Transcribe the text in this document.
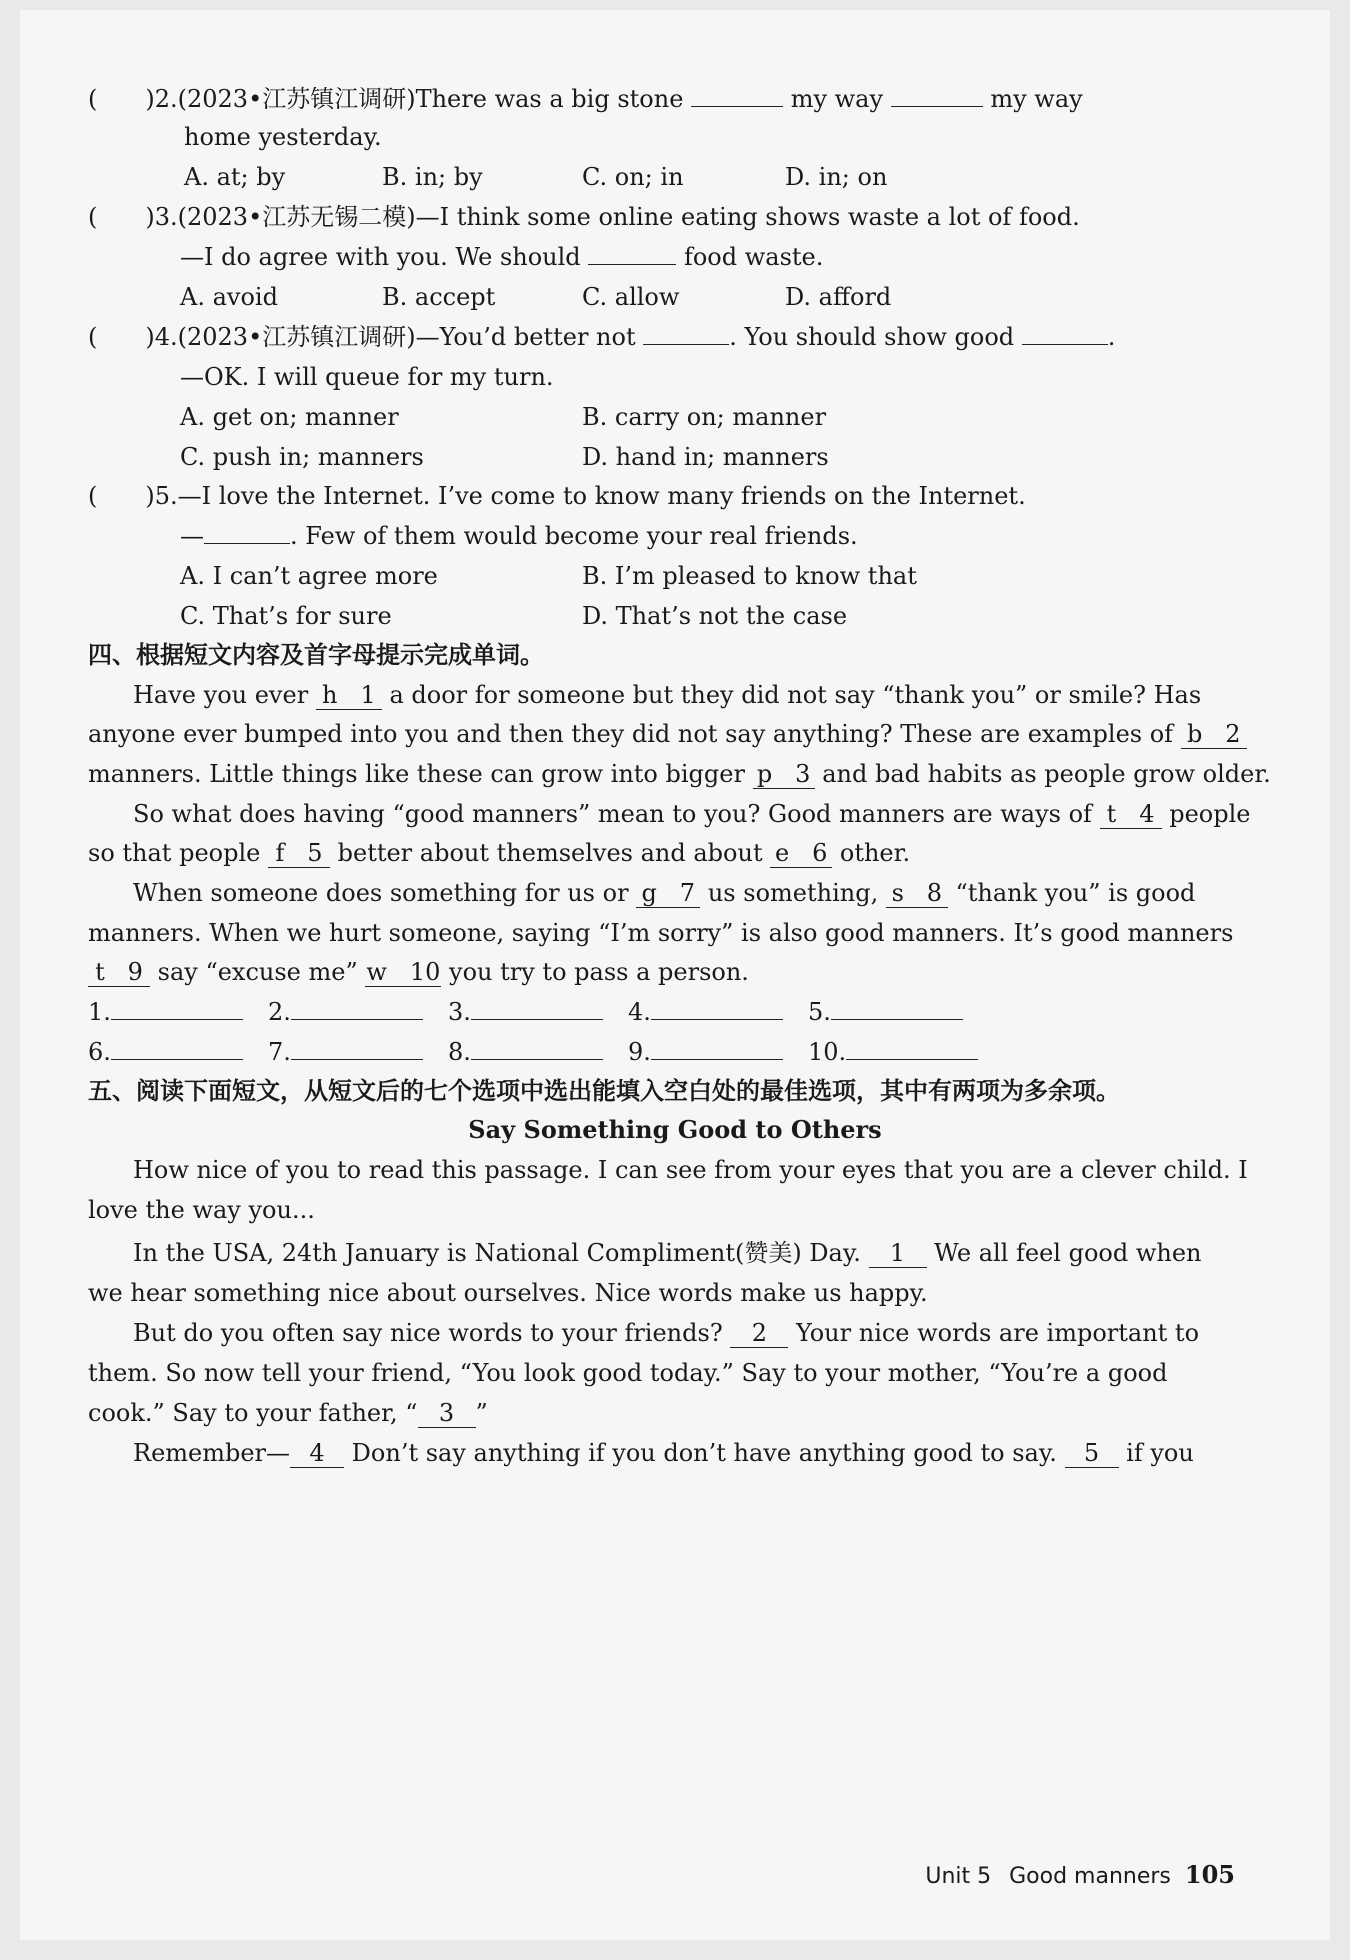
(　　)2.(2023•江苏镇江调研)There was a big stone	my way	my way
home yesterday.
A. at; by	B. in; by	C. on; in	D. in; on
(　　)3.(2023•江苏无锡二模)—I think some online eating shows waste a lot of food.
—I do agree with you. We should	food waste.
A. avoid	B. accept	C. allow	D. afford
(　　)4.(2023•江苏镇江调研)—You’d better not	. You should show good	.
—OK. I will queue for my turn.
A. get on; manner	B. carry on; manner
C. push in; manners	D. hand in; manners
(　　)5.—I love the Internet. I’ve come to know many friends on the Internet.
—	. Few of them would become your real friends.
A. I can’t agree more	B. I’m pleased to know that
C. That’s for sure	D. That’s not the case
四、根据短文内容及首字母提示完成单词。
Have you ever h   1 a door for someone but they did not say “thank you” or smile? Has
anyone ever bumped into you and then they did not say anything? These are examples of b   2
manners. Little things like these can grow into bigger p   3 and bad habits as people grow older.
So what does having “good manners” mean to you? Good manners are ways of t   4 people
so that people f   5 better about themselves and about e   6 other.
When someone does something for us or g   7 us something, s   8 “thank you” is good
manners. When we hurt someone, saying “I’m sorry” is also good manners. It’s good manners
t   9 say “excuse me” w   10 you try to pass a person.
1.	2.	3.	4.	5.
6.	7.	8.	9.	10.
五、阅读下面短文，从短文后的七个选项中选出能填入空白处的最佳选项，其中有两项为多余项。
Say Something Good to Others
How nice of you to read this passage. I can see from your eyes that you are a clever child. I
love the way you...
In the USA, 24th January is National Compliment(赞美) Day. 1 We all feel good when
we hear something nice about ourselves. Nice words make us happy.
But do you often say nice words to your friends? 2 Your nice words are important to
them. So now tell your friend, “You look good today.” Say to your mother, “You’re a good
cook.” Say to your father, “ 3 ”
Remember— 4 Don’t say anything if you don’t have anything good to say. 5 if you
Unit 5  Good manners 105
